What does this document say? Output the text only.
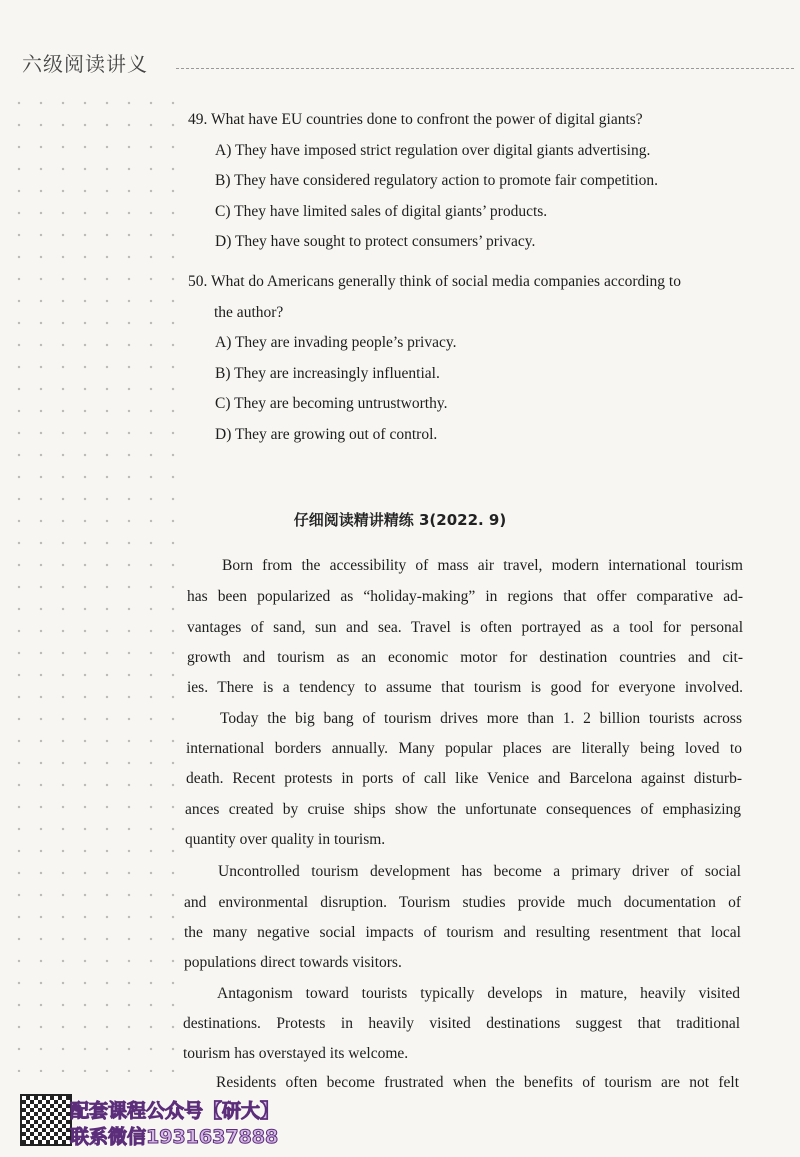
六级阅读讲义
49. What have EU countries done to confront the power of digital giants?
A) They have imposed strict regulation over digital giants advertising.
B) They have considered regulatory action to promote fair competition.
C) They have limited sales of digital giants’ products.
D) They have sought to protect consumers’ privacy.
50. What do Americans generally think of social media companies according to
the author?
A) They are invading people’s privacy.
B) They are increasingly influential.
C) They are becoming untrustworthy.
D) They are growing out of control.
仔细阅读精讲精练 3(2022. 9)
Born from the accessibility of mass air travel, modern international tourism
has been popularized as “holiday-making” in regions that offer comparative ad-
vantages of sand, sun and sea. Travel is often portrayed as a tool for personal
growth and tourism as an economic motor for destination countries and cit-
ies. There is a tendency to assume that tourism is good for everyone involved.
Today the big bang of tourism drives more than 1. 2 billion tourists across
international borders annually. Many popular places are literally being loved to
death. Recent protests in ports of call like Venice and Barcelona against disturb-
ances created by cruise ships show the unfortunate consequences of emphasizing
quantity over quality in tourism.
Uncontrolled tourism development has become a primary driver of social
and environmental disruption. Tourism studies provide much documentation of
the many negative social impacts of tourism and resulting resentment that local
populations direct towards visitors.
Antagonism toward tourists typically develops in mature, heavily visited
destinations. Protests in heavily visited destinations suggest that traditional
tourism has overstayed its welcome.
Residents often become frustrated when the benefits of tourism are not felt
配套课程公众号【研大】
联系微信1931637888
